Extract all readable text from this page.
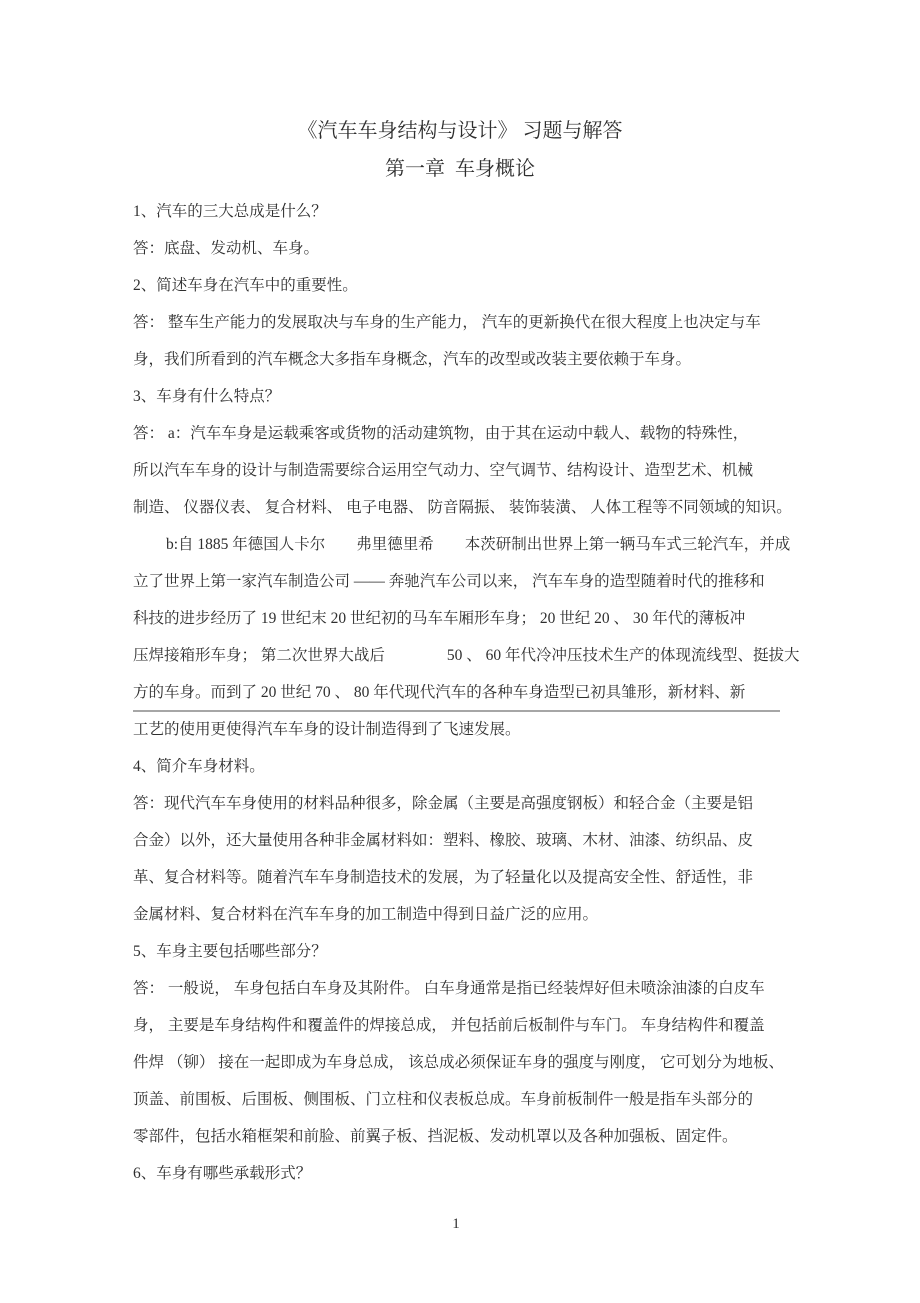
《汽车车身结构与设计》 习题与解答
第一章  车身概论
1、汽车的三大总成是什么？
答：底盘、发动机、车身。
2、简述车身在汽车中的重要性。
答： 整车生产能力的发展取决与车身的生产能力， 汽车的更新换代在很大程度上也决定与车
身，我们所看到的汽车概念大多指车身概念，汽车的改型或改装主要依赖于车身。
3、车身有什么特点？
答： a：汽车车身是运载乘客或货物的活动建筑物，由于其在运动中载人、载物的特殊性，
所以汽车车身的设计与制造需要综合运用空气动力、空气调节、结构设计、造型艺术、机械
制造、 仪器仪表、 复合材料、 电子电器、 防音隔振、 装饰装潢、 人体工程等不同领域的知识。
b:自 1885 年德国人卡尔　　弗里德里希　　本茨研制出世界上第一辆马车式三轮汽车，并成
立了世界上第一家汽车制造公司 —— 奔驰汽车公司以来， 汽车车身的造型随着时代的推移和
科技的进步经历了 19 世纪末 20 世纪初的马车车厢形车身； 20 世纪 20 、 30 年代的薄板冲
压焊接箱形车身； 第二次世界大战后　　　　50 、 60 年代冷冲压技术生产的体现流线型、挺拔大
方的车身。而到了 20 世纪 70 、 80 年代现代汽车的各种车身造型已初具雏形，新材料、新
工艺的使用更使得汽车车身的设计制造得到了飞速发展。
4、简介车身材料。
答：现代汽车车身使用的材料品种很多，除金属（主要是高强度钢板）和轻合金（主要是铝
合金）以外，还大量使用各种非金属材料如：塑料、橡胶、玻璃、木材、油漆、纺织品、皮
革、复合材料等。随着汽车车身制造技术的发展，为了轻量化以及提高安全性、舒适性，非
金属材料、复合材料在汽车车身的加工制造中得到日益广泛的应用。
5、车身主要包括哪些部分？
答： 一般说， 车身包括白车身及其附件。 白车身通常是指已经装焊好但未喷涂油漆的白皮车
身， 主要是车身结构件和覆盖件的焊接总成， 并包括前后板制件与车门。 车身结构件和覆盖
件焊 （铆） 接在一起即成为车身总成， 该总成必须保证车身的强度与刚度， 它可划分为地板、
顶盖、前围板、后围板、侧围板、门立柱和仪表板总成。车身前板制件一般是指车头部分的
零部件，包括水箱框架和前脸、前翼子板、挡泥板、发动机罩以及各种加强板、固定件。
6、车身有哪些承载形式？
1
